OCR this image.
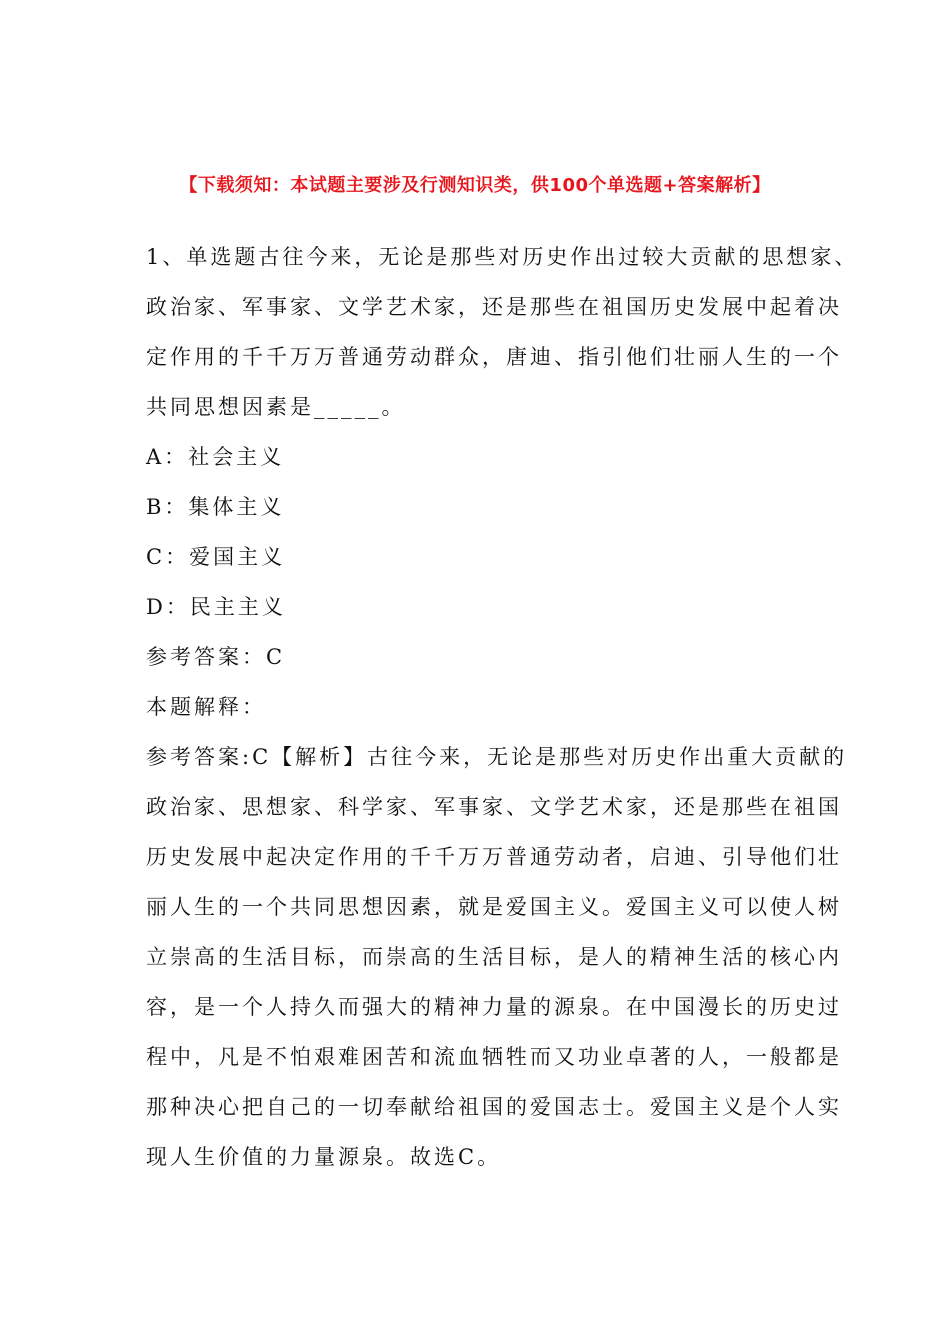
【下载须知：本试题主要涉及行测知识类，供100个单选题+答案解析】
1、单选题古往今来，无论是那些对历史作出过较大贡献的思想家、
政治家、军事家、文学艺术家，还是那些在祖国历史发展中起着决
定作用的千千万万普通劳动群众，唐迪、指引他们壮丽人生的一个
共同思想因素是_____。
A：社会主义
B：集体主义
C：爱国主义
D：民主主义
参考答案：C
本题解释：
参考答案:C【解析】古往今来，无论是那些对历史作出重大贡献的
政治家、思想家、科学家、军事家、文学艺术家，还是那些在祖国
历史发展中起决定作用的千千万万普通劳动者，启迪、引导他们壮
丽人生的一个共同思想因素，就是爱国主义。爱国主义可以使人树
立崇高的生活目标，而崇高的生活目标，是人的精神生活的核心内
容，是一个人持久而强大的精神力量的源泉。在中国漫长的历史过
程中，凡是不怕艰难困苦和流血牺牲而又功业卓著的人，一般都是
那种决心把自己的一切奉献给祖国的爱国志士。爱国主义是个人实
现人生价值的力量源泉。故选C。
